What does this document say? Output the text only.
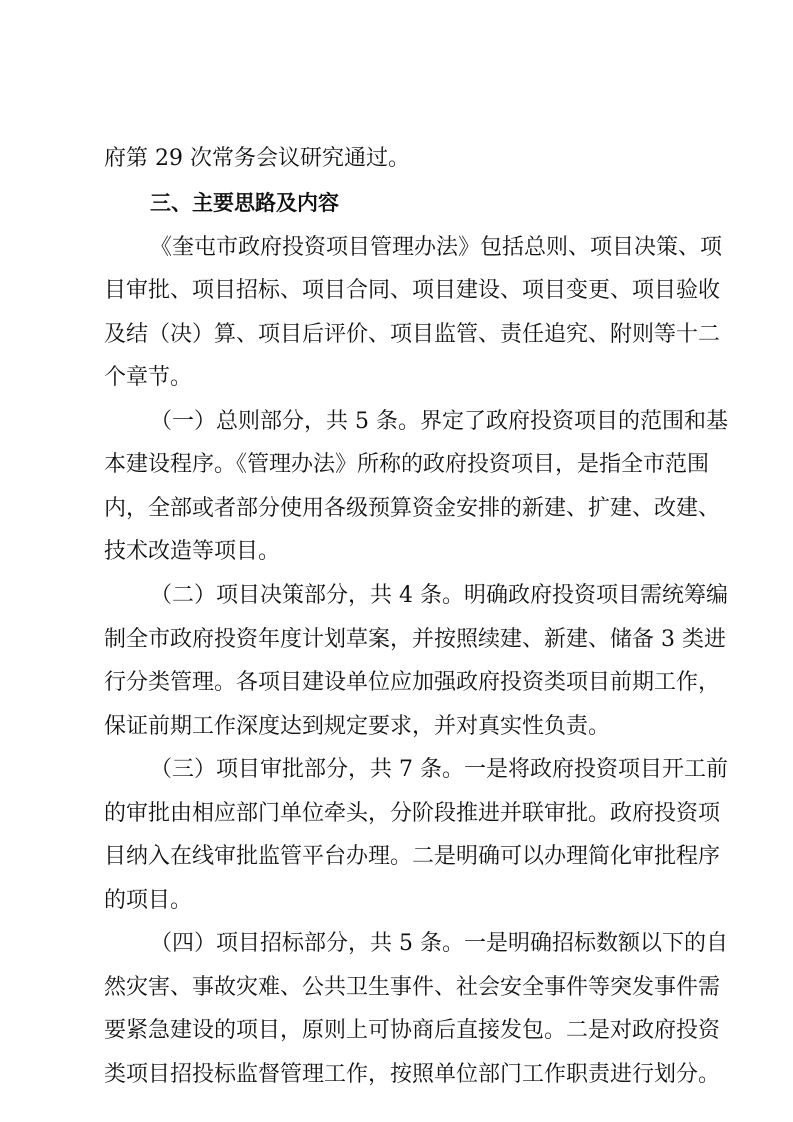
府第 29 次常务会议研究通过。

三、主要思路及内容

《奎屯市政府投资项目管理办法》包括总则、项目决策、项

目审批、项目招标、项目合同、项目建设、项目变更、项目验收

及结（决）算、项目后评价、项目监管、责任追究、附则等十二

个章节。

（一）总则部分，共 5 条。界定了政府投资项目的范围和基

本建设程序。《管理办法》所称的政府投资项目，是指全市范围

内，全部或者部分使用各级预算资金安排的新建、扩建、改建、

技术改造等项目。

（二）项目决策部分，共 4 条。明确政府投资项目需统筹编

制全市政府投资年度计划草案，并按照续建、新建、储备 3 类进

行分类管理。各项目建设单位应加强政府投资类项目前期工作，

保证前期工作深度达到规定要求，并对真实性负责。

（三）项目审批部分，共 7 条。一是将政府投资项目开工前

的审批由相应部门单位牵头，分阶段推进并联审批。政府投资项

目纳入在线审批监管平台办理。二是明确可以办理简化审批程序

的项目。

（四）项目招标部分，共 5 条。一是明确招标数额以下的自

然灾害、事故灾难、公共卫生事件、社会安全事件等突发事件需

要紧急建设的项目，原则上可协商后直接发包。二是对政府投资

类项目招投标监督管理工作，按照单位部门工作职责进行划分。
